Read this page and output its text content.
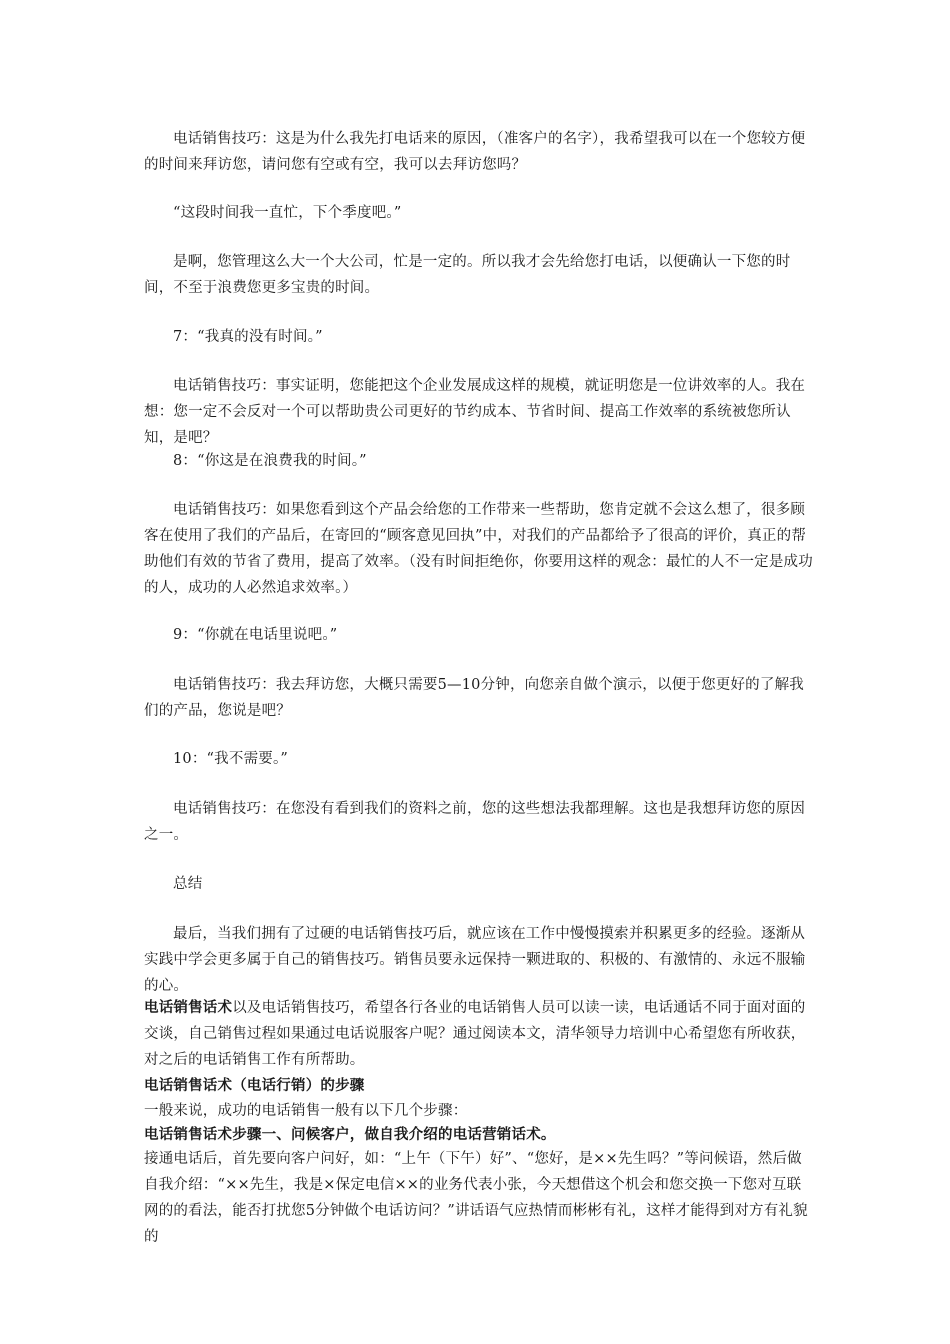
电话销售技巧：这是为什么我先打电话来的原因，（准客户的名字），我希望我可以在一个您较方便的时间来拜访您，请问您有空或有空，我可以去拜访您吗？

“这段时间我一直忙，下个季度吧。”

是啊，您管理这么大一个大公司，忙是一定的。所以我才会先给您打电话，以便确认一下您的时间，不至于浪费您更多宝贵的时间。

7：“我真的没有时间。”

电话销售技巧：事实证明，您能把这个企业发展成这样的规模，就证明您是一位讲效率的人。我在想：您一定不会反对一个可以帮助贵公司更好的节约成本、节省时间、提高工作效率的系统被您所认知，是吧？

8：“你这是在浪费我的时间。”

电话销售技巧：如果您看到这个产品会给您的工作带来一些帮助，您肯定就不会这么想了，很多顾客在使用了我们的产品后，在寄回的“顾客意见回执”中，对我们的产品都给予了很高的评价，真正的帮助他们有效的节省了费用，提高了效率。（没有时间拒绝你，你要用这样的观念：最忙的人不一定是成功的人，成功的人必然追求效率。）

9：“你就在电话里说吧。”

电话销售技巧：我去拜访您，大概只需要5—10分钟，向您亲自做个演示，以便于您更好的了解我们的产品，您说是吧？

10：“我不需要。”

电话销售技巧：在您没有看到我们的资料之前，您的这些想法我都理解。这也是我想拜访您的原因之一。

总结

最后，当我们拥有了过硬的电话销售技巧后，就应该在工作中慢慢摸索并积累更多的经验。逐渐从实践中学会更多属于自己的销售技巧。销售员要永远保持一颗进取的、积极的、有激情的、永远不服输的心。

电话销售话术以及电话销售技巧，希望各行各业的电话销售人员可以读一读，电话通话不同于面对面的交谈，自己销售过程如果通过电话说服客户呢？通过阅读本文，清华领导力培训中心希望您有所收获，对之后的电话销售工作有所帮助。

电话销售话术（电话行销）的步骤

一般来说，成功的电话销售一般有以下几个步骤：

电话销售话术步骤一、问候客户，做自我介绍的电话营销话术。

接通电话后，首先要向客户问好，如：“上午（下午）好”、“您好，是××先生吗？”等问候语，然后做自我介绍：“××先生，我是×保定电信××的业务代表小张，今天想借这个机会和您交换一下您对互联网的的看法，能否打扰您5分钟做个电话访问？”讲话语气应热情而彬彬有礼，这样才能得到对方有礼貌的
